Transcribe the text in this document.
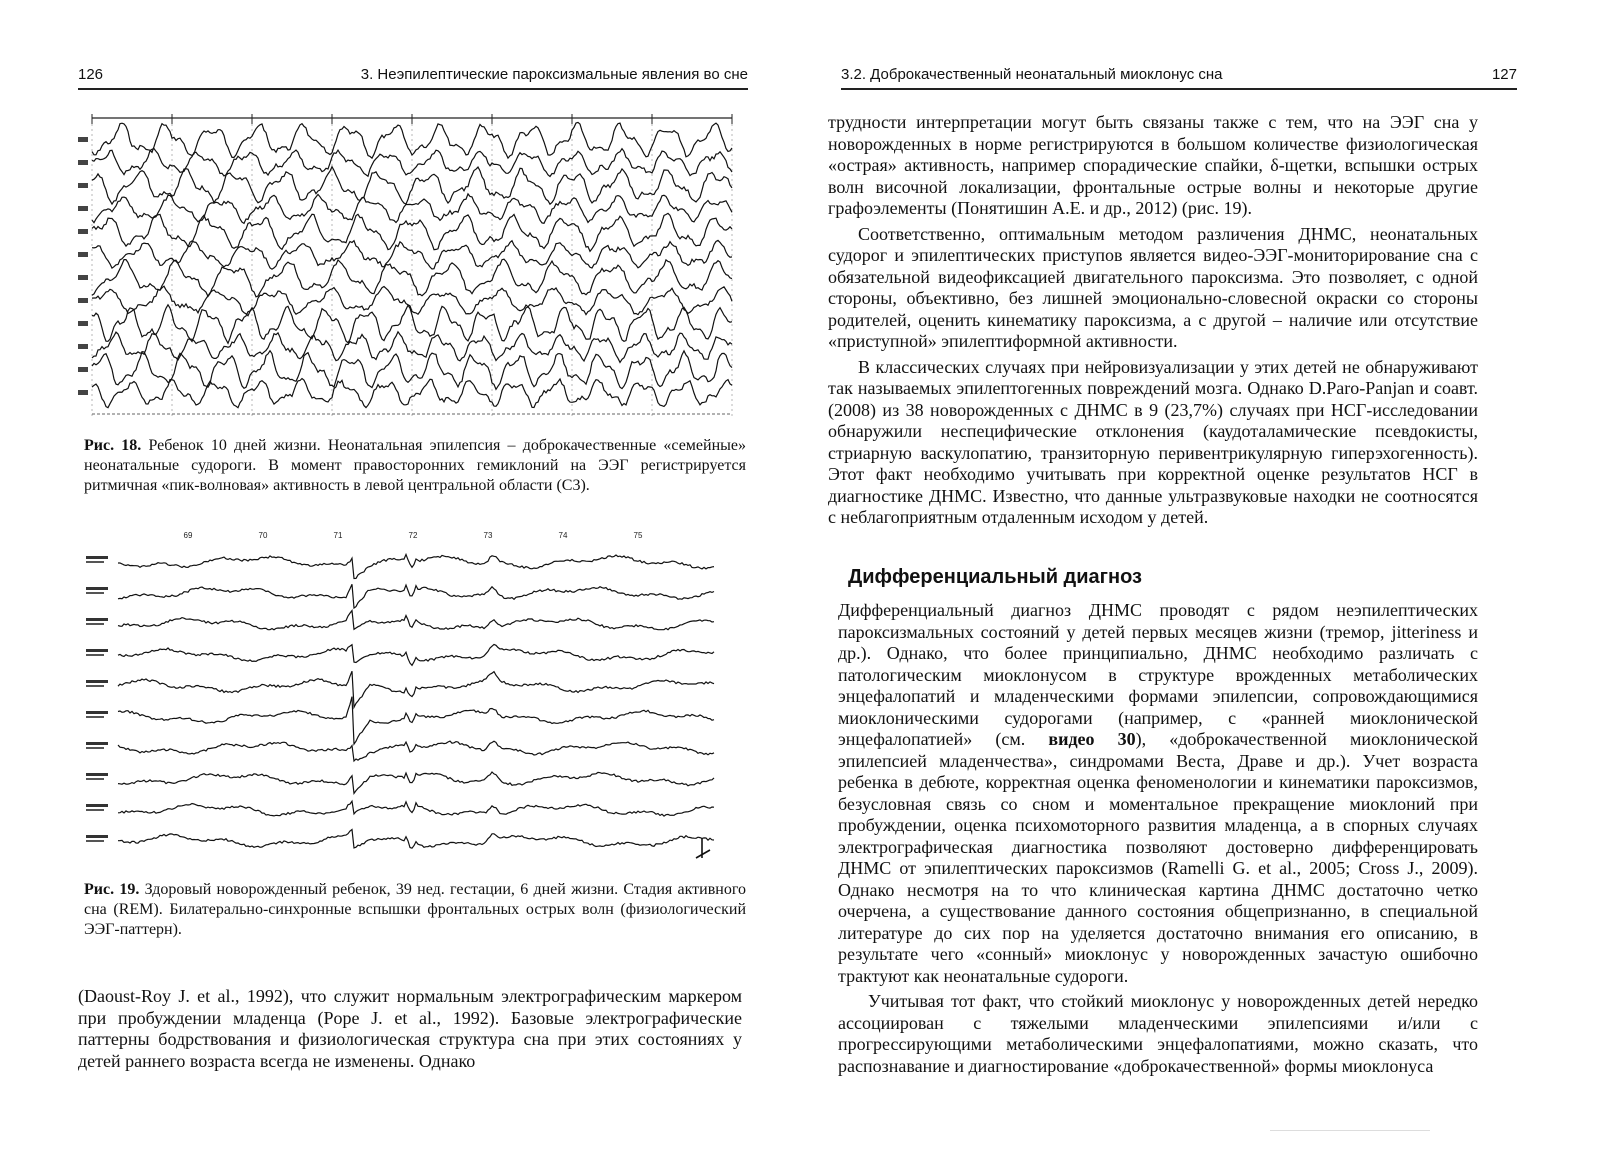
126	3. Неэпилептические пароксизмальные явления во сне
Рис. 18. Ребенок 10 дней жизни. Неонатальная эпилепсия – доброкачественные «семейные» неонатальные судороги. В момент правосторонних гемиклоний на ЭЭГ регистрируется ритмичная «пик-волновая» активность в левой центральной области (С3).
69	70	71	72	73	74	75
Рис. 19. Здоровый новорожденный ребенок, 39 нед. гестации, 6 дней жизни. Стадия активного сна (REM). Билатерально-синхронные вспышки фронтальных острых волн (физиологический ЭЭГ-паттерн).

(Daoust-Roy J. et al., 1992), что служит нормальным электрографическим маркером при пробуждении младенца (Pope J. et al., 1992). Базовые электрографические паттерны бодрствования и физиологическая структура сна при этих состояниях у детей раннего возраста всегда не изменены. Однако

3.2. Доброкачественный неонатальный миоклонус сна	127

трудности интерпретации могут быть связаны также с тем, что на ЭЭГ сна у новорожденных в норме регистрируются в большом количестве физиологическая «острая» активность, например спорадические спайки, δ-щетки, вспышки острых волн височной локализации, фронтальные острые волны и некоторые другие графоэлементы (Понятишин А.Е. и др., 2012) (рис. 19).

Соответственно, оптимальным методом различения ДНМС, неонатальных судорог и эпилептических приступов является видео-ЭЭГ-мониторирование сна с обязательной видеофиксацией двигательного пароксизма. Это позволяет, с одной стороны, объективно, без лишней эмоционально-словесной окраски со стороны родителей, оценить кинематику пароксизма, а с другой – наличие или отсутствие «приступной» эпилептиформной активности.

В классических случаях при нейровизуализации у этих детей не обнаруживают так называемых эпилептогенных повреждений мозга. Однако D.Paro-Panjan и соавт. (2008) из 38 новорожденных с ДНМС в 9 (23,7%) случаях при НСГ-исследовании обнаружили неспецифические отклонения (каудоталамические псевдокисты, стриарную васкулопатию, транзиторную перивентрикулярную гиперэхогенность). Этот факт необходимо учитывать при корректной оценке результатов НСГ в диагностике ДНМС. Известно, что данные ультразвуковые находки не соотносятся с неблагоприятным отдаленным исходом у детей.

Дифференциальный диагноз

Дифференциальный диагноз ДНМС проводят с рядом неэпилептических пароксизмальных состояний у детей первых месяцев жизни (тремор, jitteriness и др.). Однако, что более принципиально, ДНМС необходимо различать с патологическим миоклонусом в структуре врожденных метаболических энцефалопатий и младенческими формами эпилепсии, сопровождающимися миоклоническими судорогами (например, с «ранней миоклонической энцефалопатией» (см. видео 30), «доброкачественной миоклонической эпилепсией младенчества», синдромами Веста, Драве и др.). Учет возраста ребенка в дебюте, корректная оценка феноменологии и кинематики пароксизмов, безусловная связь со сном и моментальное прекращение миоклоний при пробуждении, оценка психомоторного развития младенца, а в спорных случаях электрографическая диагностика позволяют достоверно дифференцировать ДНМС от эпилептических пароксизмов (Ramelli G. et al., 2005; Cross J., 2009). Однако несмотря на то что клиническая картина ДНМС достаточно четко очерчена, а существование данного состояния общепризнанно, в специальной литературе до сих пор на уделяется достаточно внимания его описанию, в результате чего «сонный» миоклонус у новорожденных зачастую ошибочно трактуют как неонатальные судороги.

Учитывая тот факт, что стойкий миоклонус у новорожденных детей нередко ассоциирован с тяжелыми младенческими эпилепсиями и/или с прогрессирующими метаболическими энцефалопатиями, можно сказать, что распознавание и диагностирование «доброкачественной» формы миоклонуса
